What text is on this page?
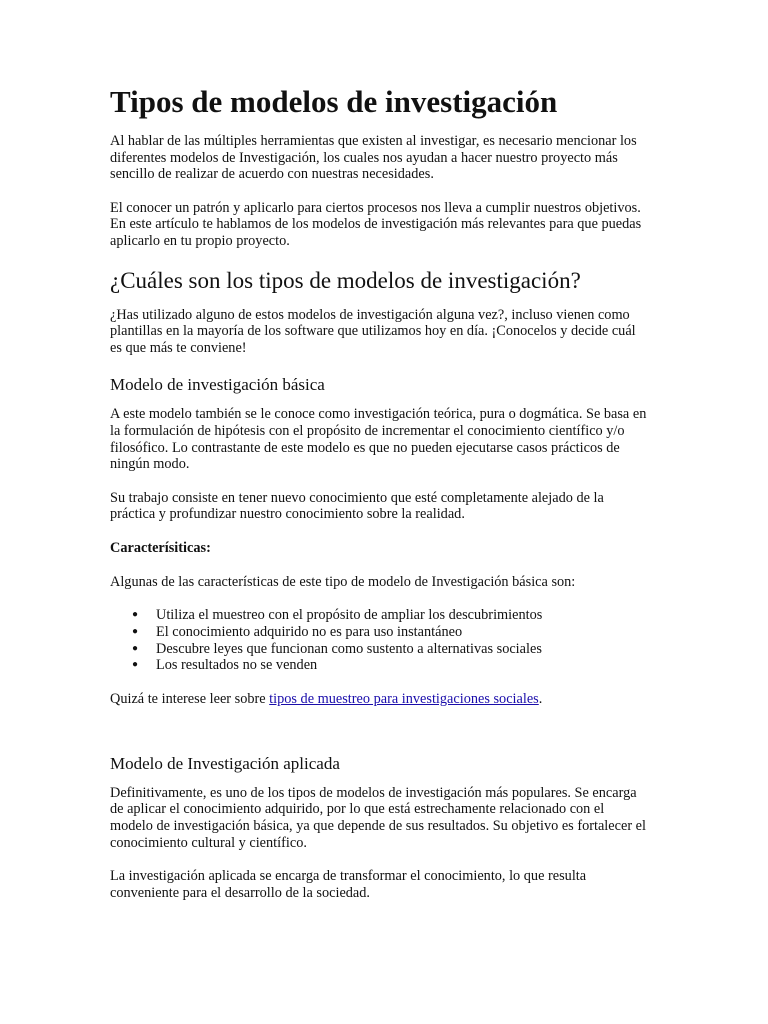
Tipos de modelos de investigación

Al hablar de las múltiples herramientas que existen al investigar, es necesario mencionar los diferentes modelos de Investigación, los cuales nos ayudan a hacer nuestro proyecto más sencillo de realizar de acuerdo con nuestras necesidades.

El conocer un patrón y aplicarlo para ciertos procesos nos lleva a cumplir nuestros objetivos. En este artículo te hablamos de los modelos de investigación más relevantes para que puedas aplicarlo en tu propio proyecto.

¿Cuáles son los tipos de modelos de investigación?

¿Has utilizado alguno de estos modelos de investigación alguna vez?, incluso vienen como plantillas en la mayoría de los software que utilizamos hoy en día. ¡Conocelos y decide cuál es que más te conviene!

Modelo de investigación básica

A este modelo también se le conoce como investigación teórica, pura o dogmática. Se basa en la formulación de hipótesis con el propósito de incrementar el conocimiento científico y/o filosófico. Lo contrastante de este modelo es que no pueden ejecutarse casos prácticos de ningún modo.

Su trabajo consiste en tener nuevo conocimiento que esté completamente alejado de la práctica y profundizar nuestro conocimiento sobre la realidad.

Caracterísiticas:

Algunas de las características de este tipo de modelo de Investigación básica son:

● Utiliza el muestreo con el propósito de ampliar los descubrimientos
● El conocimiento adquirido no es para uso instantáneo
● Descubre leyes que funcionan como sustento a alternativas sociales
● Los resultados no se venden

Quizá te interese leer sobre tipos de muestreo para investigaciones sociales.

Modelo de Investigación aplicada

Definitivamente, es uno de los tipos de modelos de investigación más populares. Se encarga de aplicar el conocimiento adquirido, por lo que está estrechamente relacionado con el modelo de investigación básica, ya que depende de sus resultados. Su objetivo es fortalecer el conocimiento cultural y científico.

La investigación aplicada se encarga de transformar el conocimiento, lo que resulta conveniente para el desarrollo de la sociedad.
